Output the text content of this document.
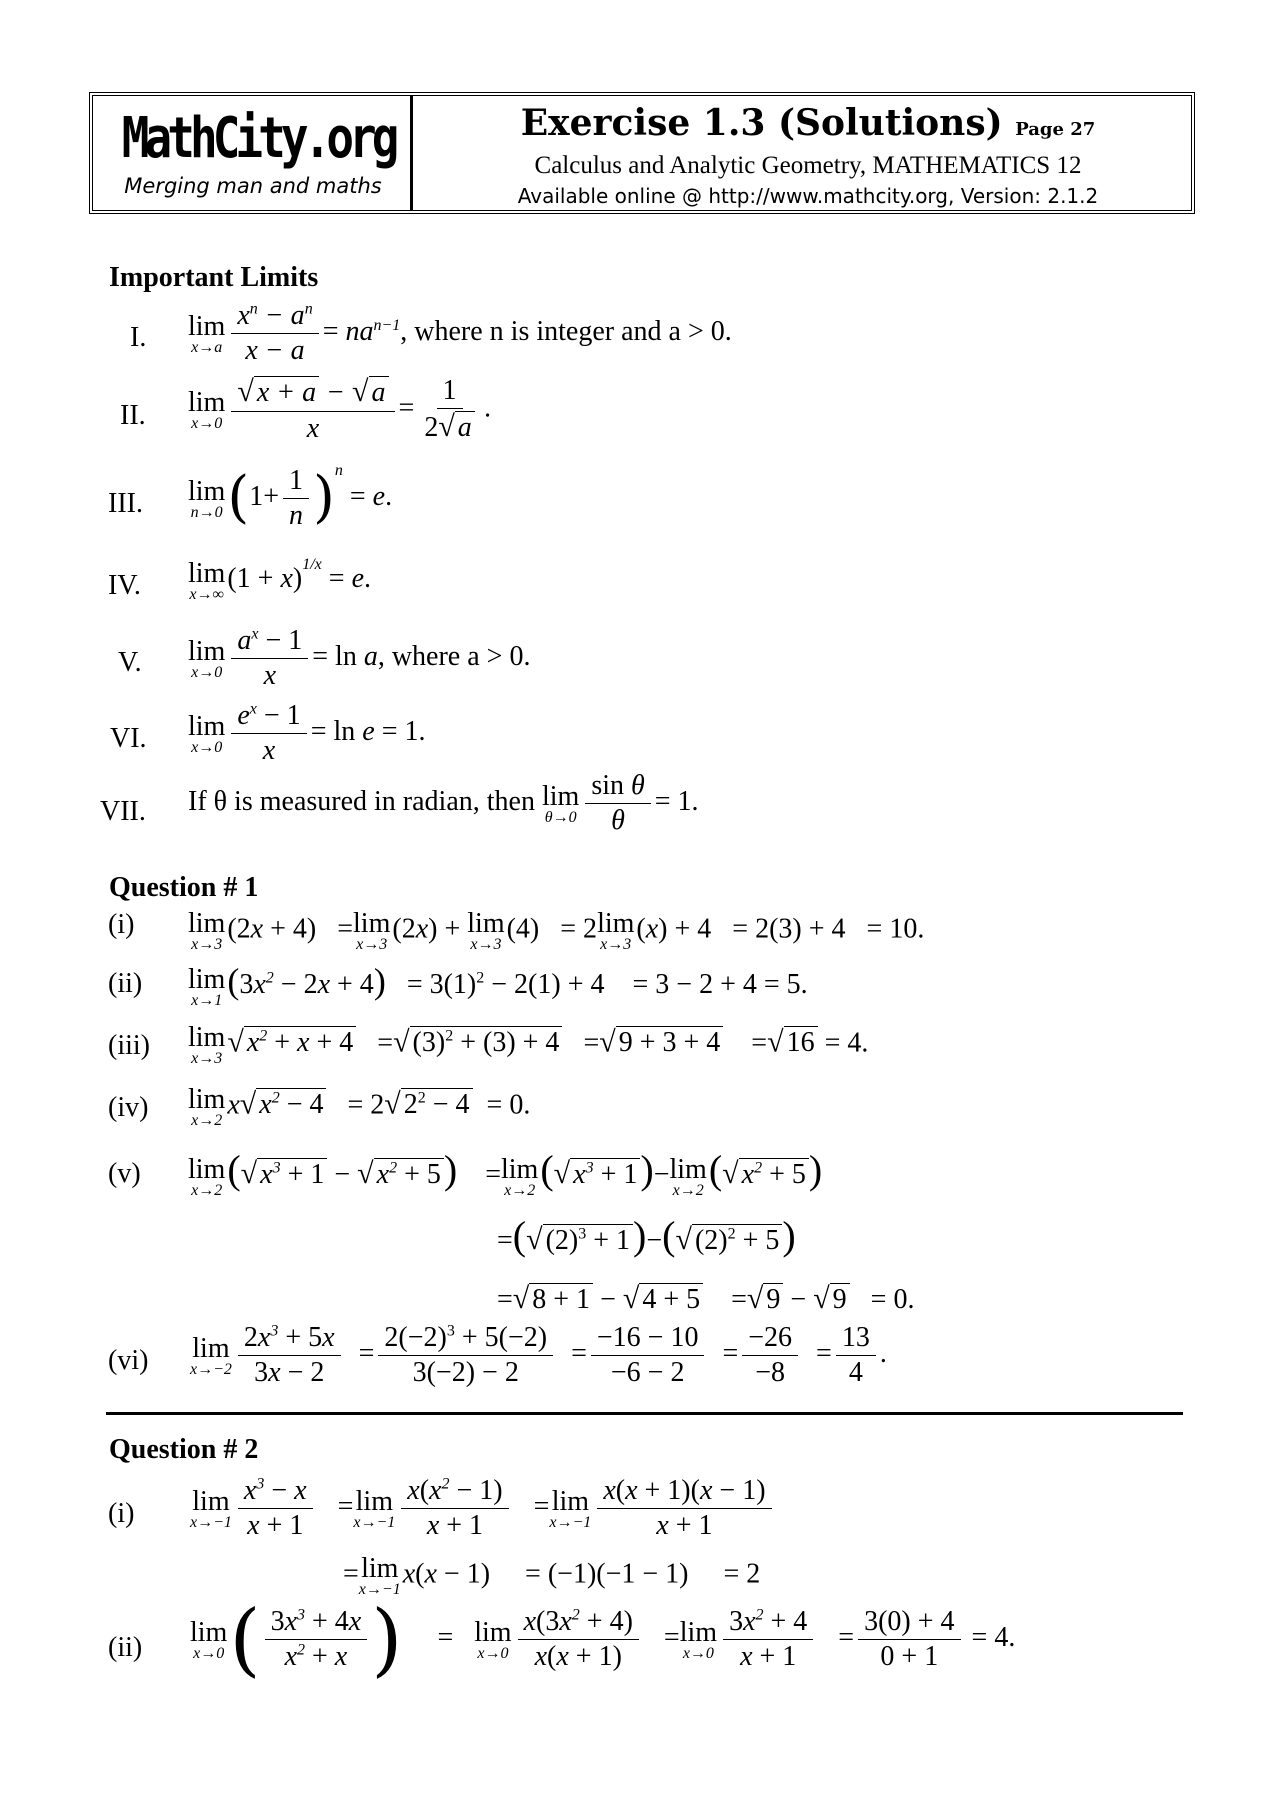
MathCity.org
Merging man and maths
Exercise 1.3 (Solutions) Page 27
Calculus and Analytic Geometry, MATHEMATICS 12
Available online @ http://www.mathcity.org, Version: 2.1.2
Important Limits
I. lim
$x\to a \frac{x^n - a^n}{x - a} = na^{n-1}$, where n is integer and a > 0.
II. lim
$x\to 0 \frac{√ x + a - √ a}{x} = \frac{1}{2√ a}$ .
III. lim
n→0 $(1+ \frac{1}{n} )^n = e$.
IV. lim
x→∞
$(1 + x)^{1/x} = e$.
V. lim
$x\to 0 \frac{a^x - 1}{x} = \ln a$, where a > 0.
VI. lim
$x\to 0 \frac{e^x - 1}{x} = \ln e = 1$.
VII. If θ is measured in radian, then lim
$\theta\to 0 \frac{\text{sin θ}}{\theta} = 1$.
Question # 1
(i) lim
x→3
(2x + 4) = lim
x→3
(2x) + lim
x→3
(4) = 2 lim
x→3
(x) + 4 = 2(3) + 4 = 10.
(ii) lim
x→1 $(3x^2 - 2x + 4) = 3(1)^2 - 2(1) + 4 = 3 - 2 + 4 = 5$.
(iii) lim
x→3
√ $x^2 + x + 4$ =√ $(3)^2 + (3) + 4$ =√ 9 + 3 + 4 =√ 16 = 4.
(iv) lim
x→2
x√ $x^2 - 4 = 2√$ $2^2 - 4 = 0$.
(v) lim
x→2 (√ $x^3 + 1$ − √ $x^2 + 5) = \lim$
x→2 (√ $x^3 + 1)- \lim$
x→2 (√ $x^2 + 5$)
=(√ $(2)^3 + 1)-(√$ $(2)^2 + 5$)
=√ 8 + 1 − √ 4 + 5 =√ 9 − √ 9 = 0.
(vi) lim
$x\to-2 \frac{2x^3 + 5x}{3x - 2} = \frac{2(-2)^3 + 5(-2)}{3(-2) - 2} = \frac{-16 - 10}{-6 - 2} = \frac{-26}{-8} = \frac{13}{4}$ .
Question # 2
(i) lim
$x\to-1 \frac{x^3 - x}{x + 1} = \lim$
$x\to-1 \frac{x(x^2 - 1)}{x + 1} = \lim$
$x\to-1 \frac{x(x + 1)(x - 1)}{x + 1}$
= lim
x→−1
x(x − 1) = (−1)(−1 − 1) = 2
(ii) lim
x→0 ( $\frac{3x^3 + 4x}{x^2 + x}$ ) = lim
$x\to 0 \frac{x(3x^2 + 4)}{x(x + 1)} = \lim$
$x\to 0 \frac{3x^2 + 4}{x + 1} = \frac{3(0) + 4}{0 + 1} = 4$.
